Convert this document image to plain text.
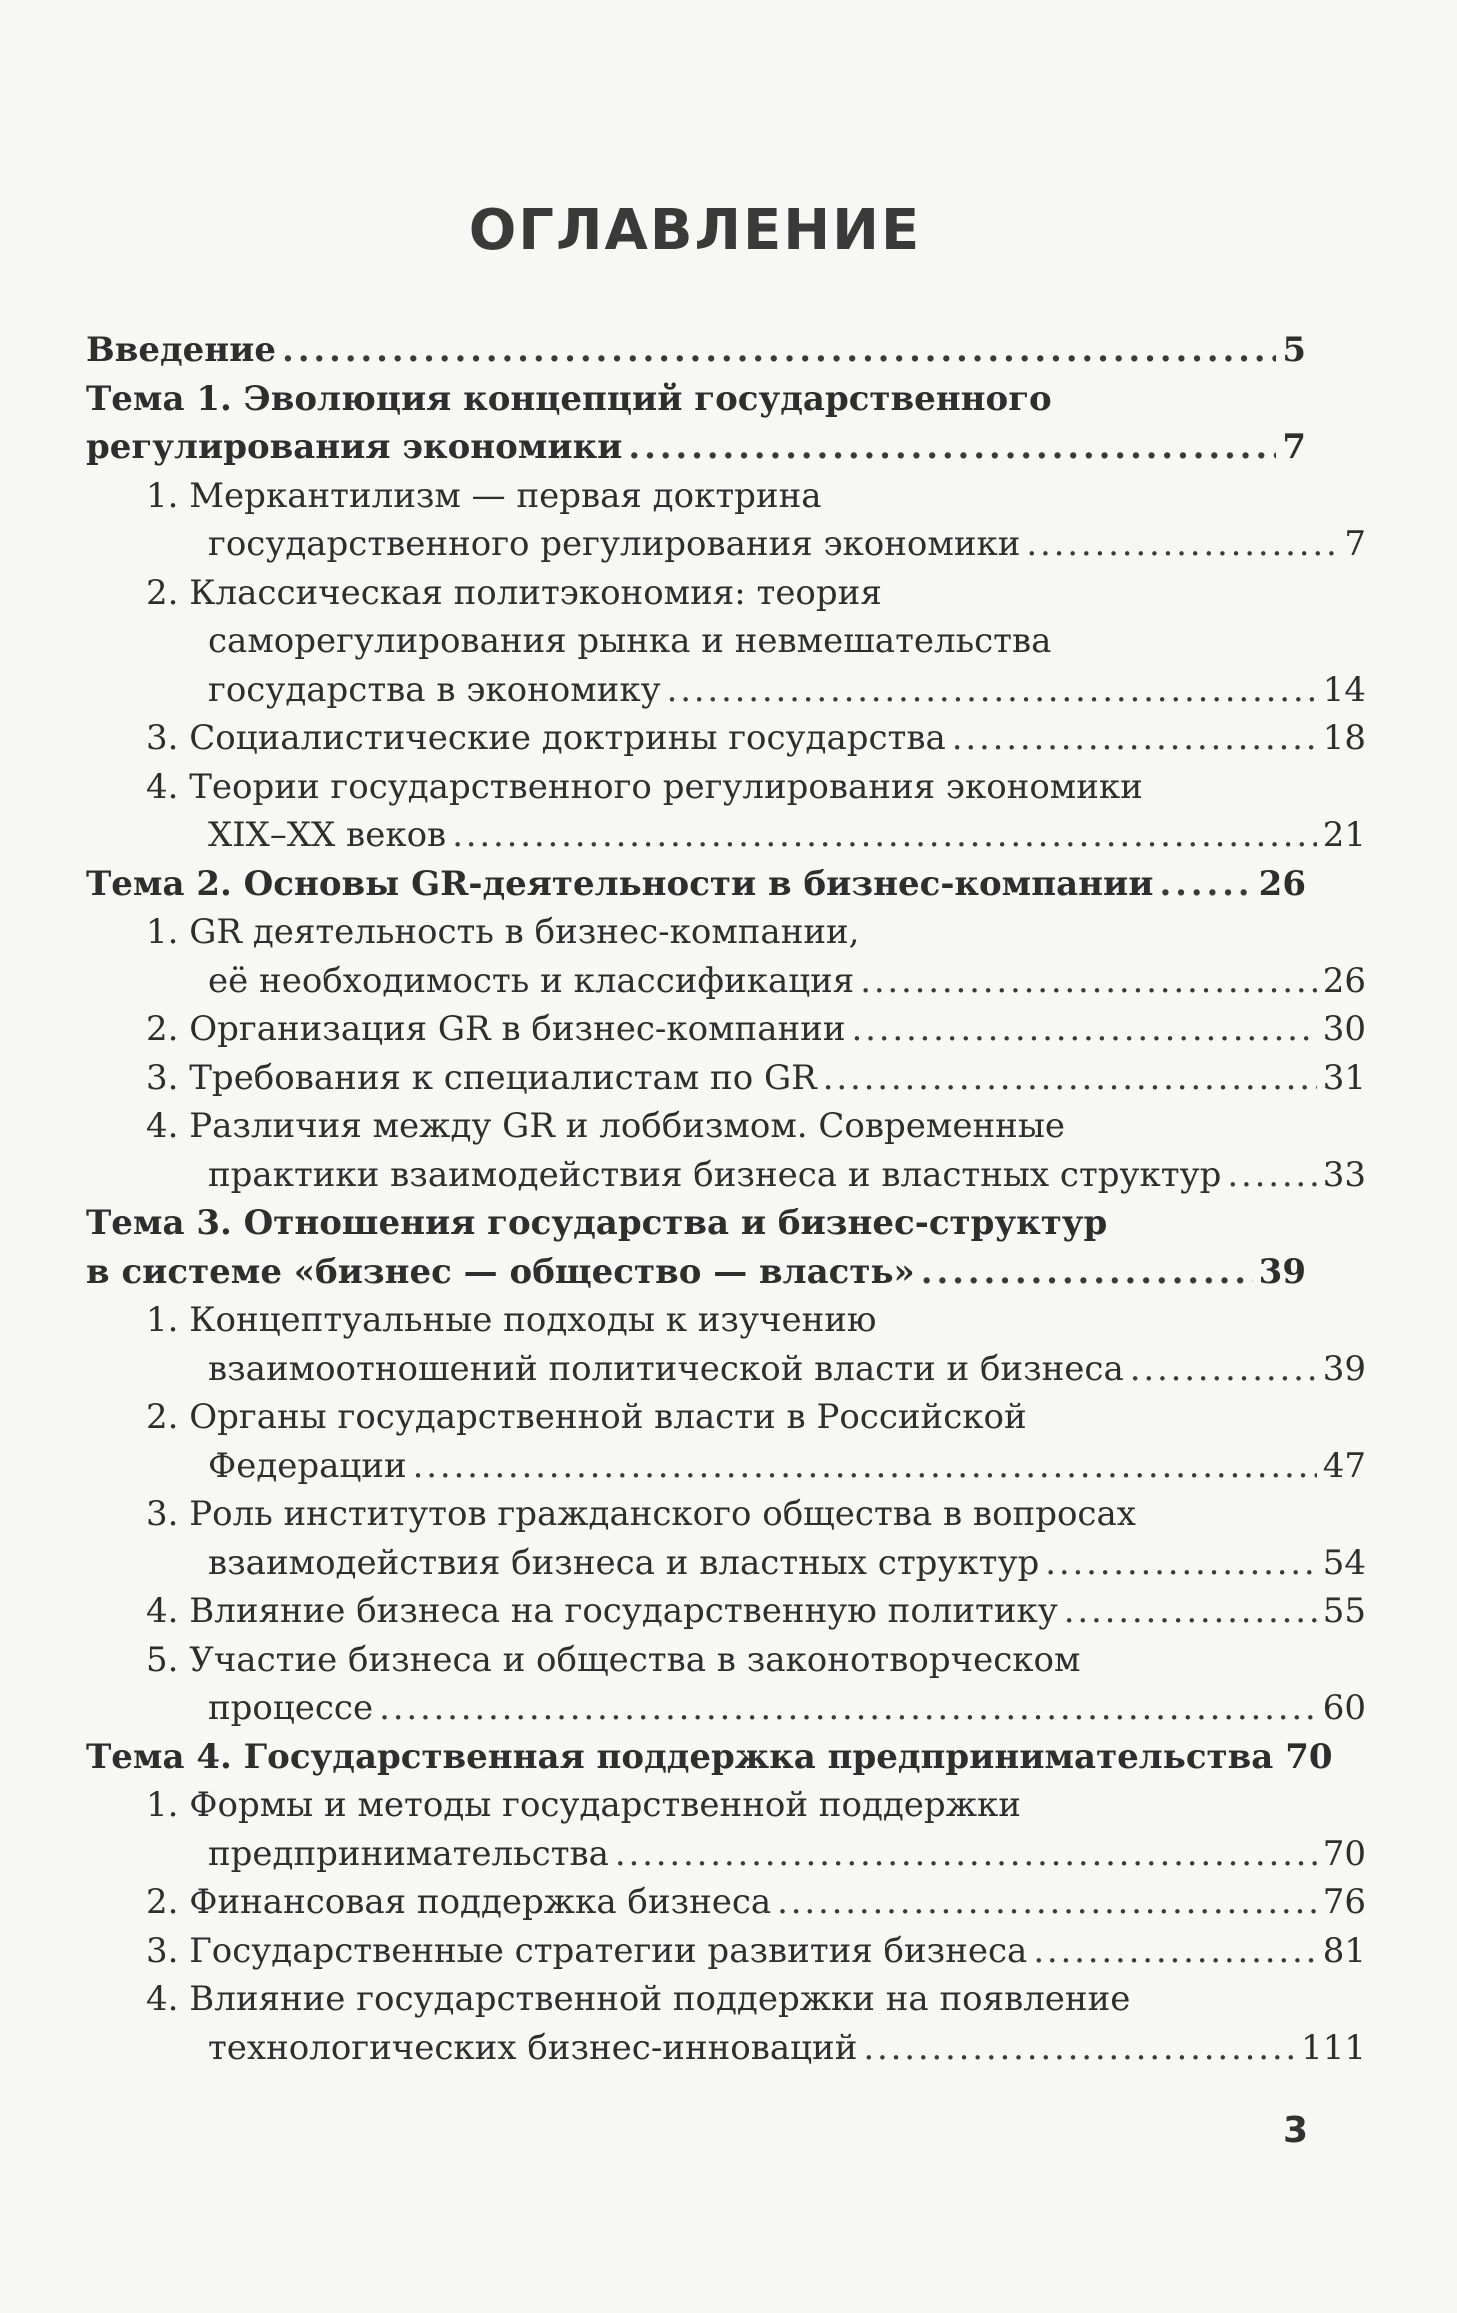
ОГЛАВЛЕНИЕ
Введение . . .	5
Тема 1. Эволюция концепций государственного
регулирования экономики . . .	7
1. Меркантилизм — первая доктрина
государственного регулирования экономики . . .	7
2. Классическая политэкономия: теория
саморегулирования рынка и невмешательства
государства в экономику . . .	14
3. Социалистические доктрины государства . . .	18
4. Теории государственного регулирования экономики
XIX–XX веков . . .	21
Тема 2. Основы GR-деятельности в бизнес-компании . . .	26
1. GR деятельность в бизнес-компании,
её необходимость и классификация . . .	26
2. Организация GR в бизнес-компании . . .	30
3. Требования к специалистам по GR . . .	31
4. Различия между GR и лоббизмом. Современные
практики взаимодействия бизнеса и властных структур . . .	33
Тема 3. Отношения государства и бизнес-структур
в системе «бизнес — общество — власть» . . .	39
1. Концептуальные подходы к изучению
взаимоотношений политической власти и бизнеса . . .	39
2. Органы государственной власти в Российской
Федерации . . .	47
3. Роль институтов гражданского общества в вопросах
взаимодействия бизнеса и властных структур . . .	54
4. Влияние бизнеса на государственную политику . . .	55
5. Участие бизнеса и общества в законотворческом
процессе . . .	60
Тема 4. Государственная поддержка предпринимательства 70
1. Формы и методы государственной поддержки
предпринимательства . . .	70
2. Финансовая поддержка бизнеса . . .	76
3. Государственные стратегии развития бизнеса . . .	81
4. Влияние государственной поддержки на появление
технологических бизнес-инноваций . . .	111
3
